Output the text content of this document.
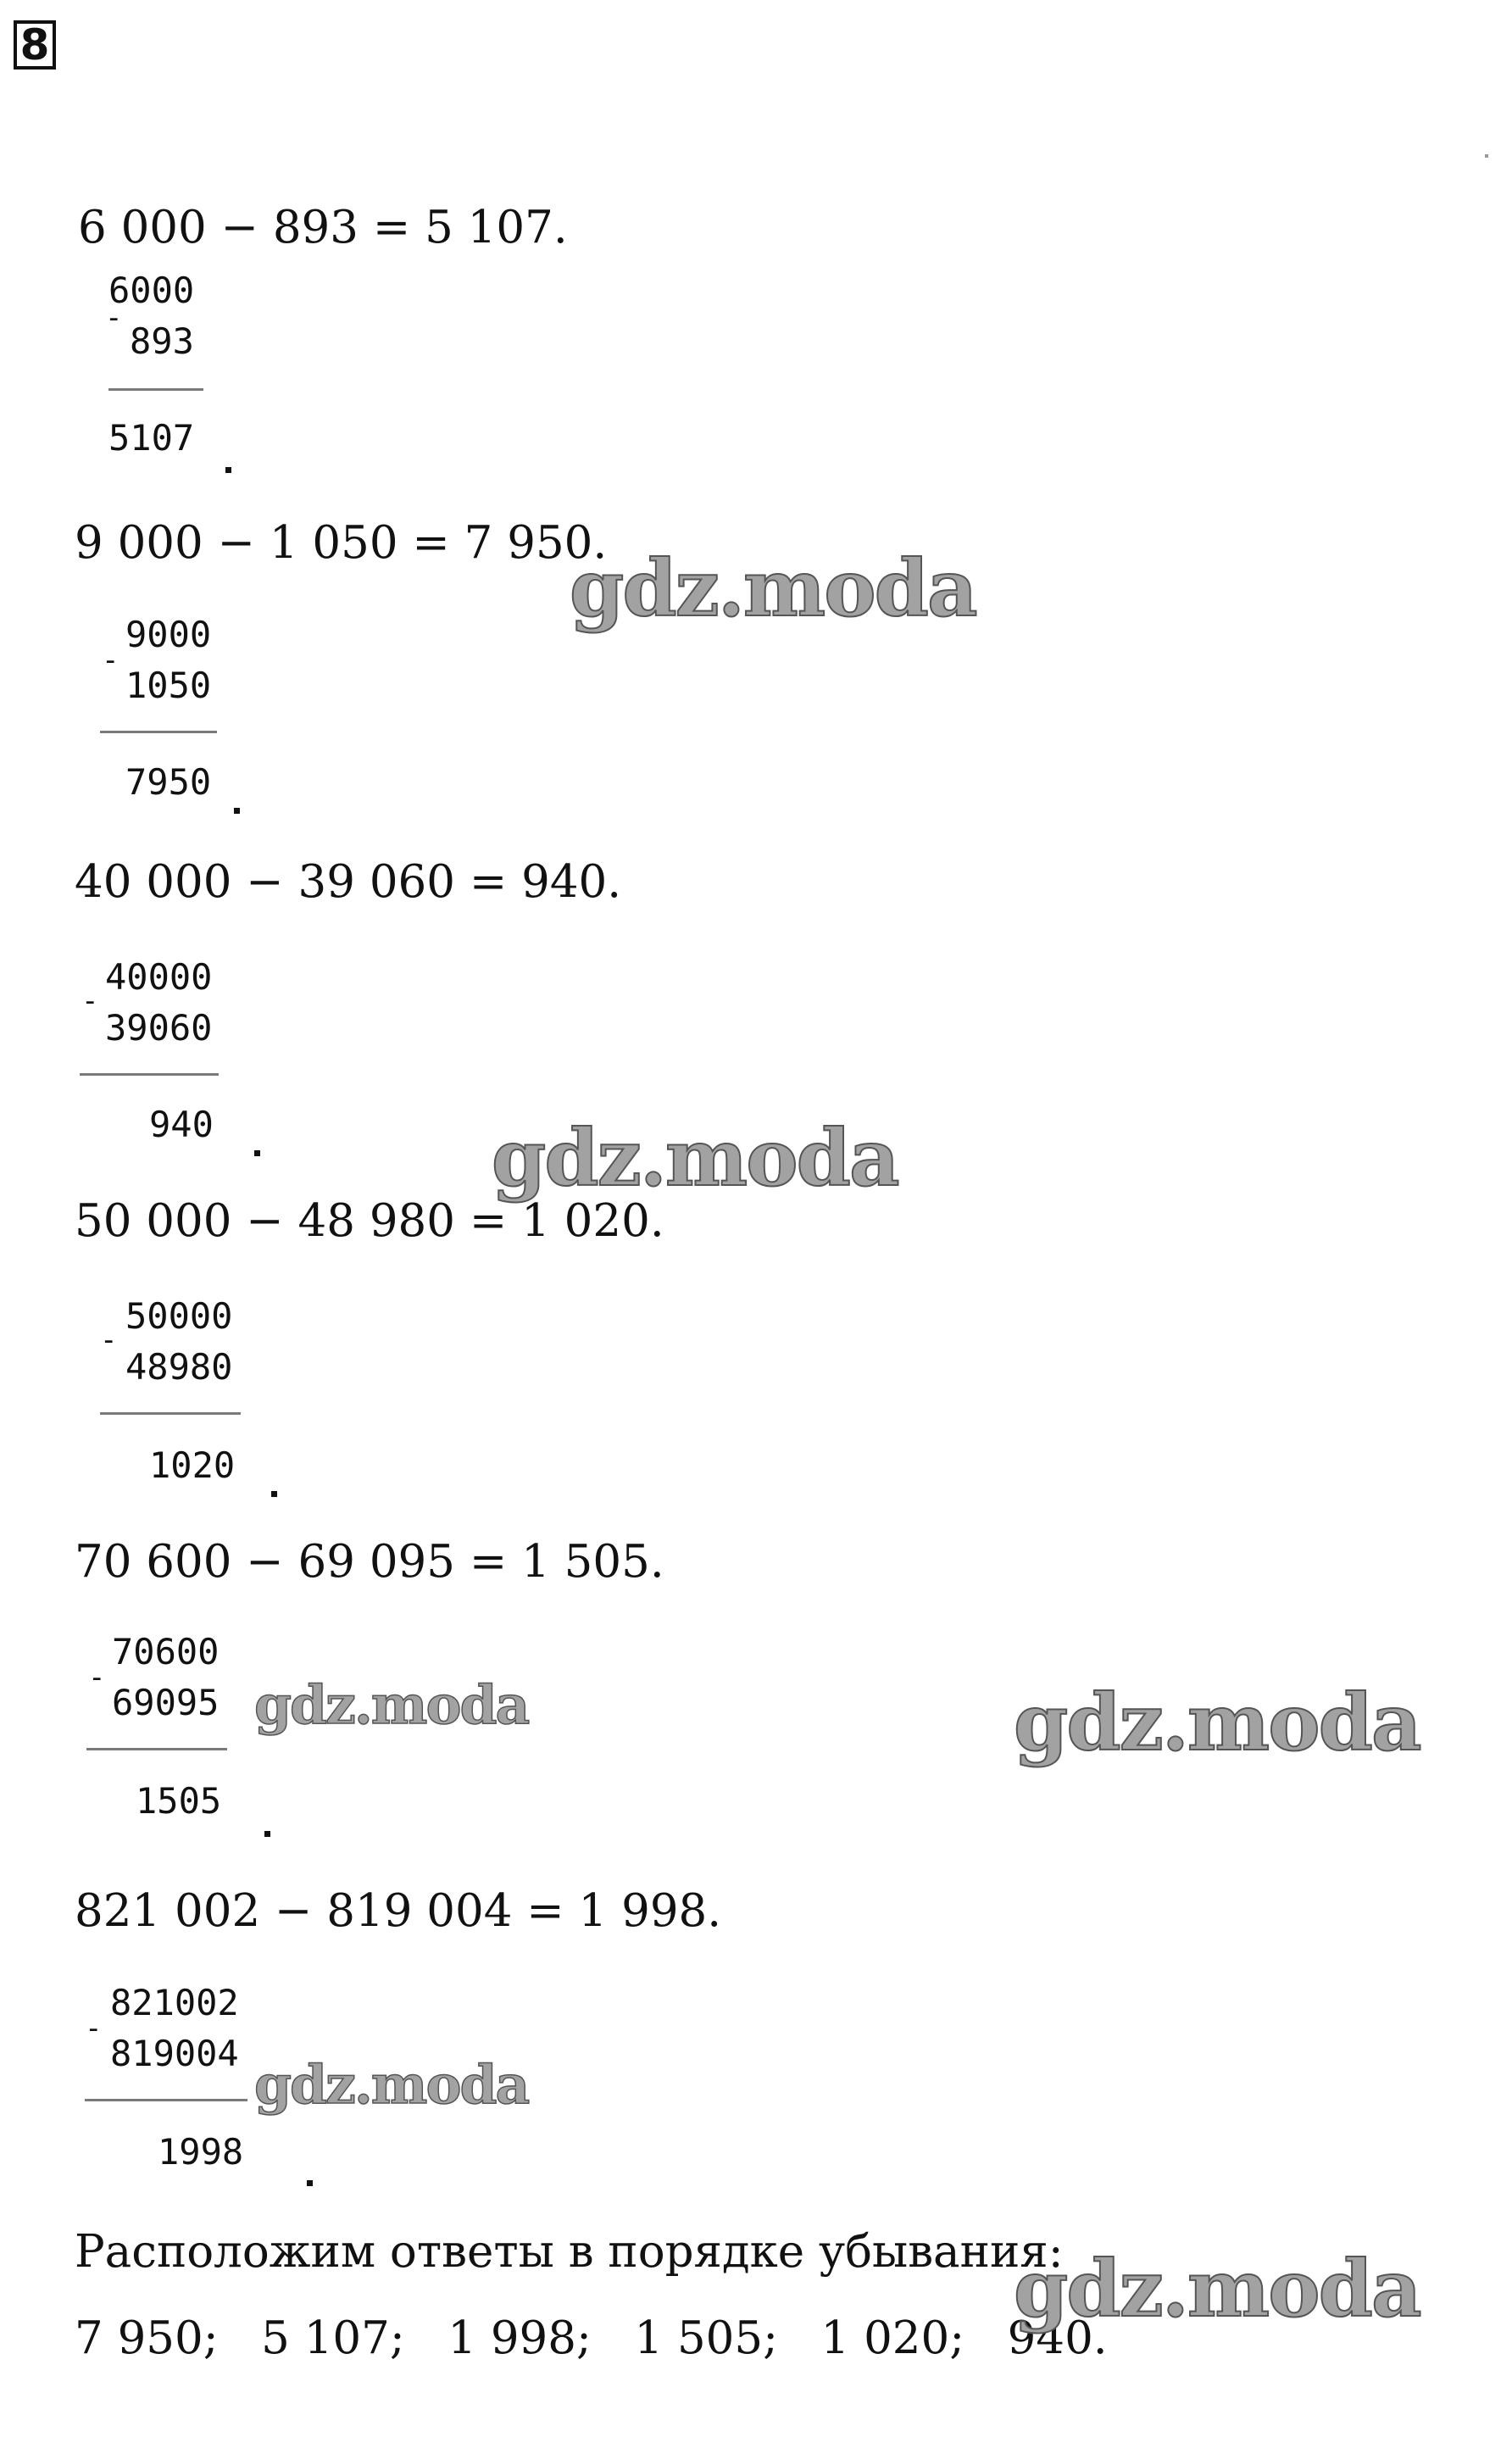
8
6 000 − 893 = 5 107.
6000
-
893
5107
9 000 − 1 050 = 7 950.
9000
-
1050
7950
40 000 − 39 060 = 940.
40000
-
39060
940
50 000 − 48 980 = 1 020.
50000
-
48980
1020
70 600 − 69 095 = 1 505.
70600
-
69095
1505
821 002 − 819 004 = 1 998.
821002
-
819004
1998
Расположим ответы в порядке убывания:
7 950;   5 107;   1 998;   1 505;   1 020;   940.
gdz.moda
gdz.moda
gdz.moda	gdz.moda
gdz.moda
gdz.moda
